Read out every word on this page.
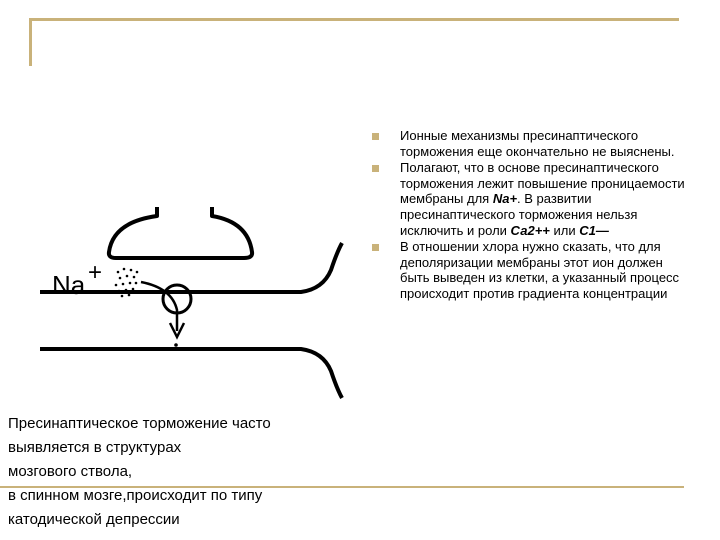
Na +
Ионные механизмы пресинаптического торможения еще окончательно не выяснены.
Полагают, что в основе пресинаптического торможения лежит повышение проницаемости мембраны для Na+. В развитии пресинаптического торможения нельзя исключить и роли Са2++ или С1—
В отношении хлора нужно сказать, что для деполяризации мембраны этот ион должен быть выведен из клетки, а указанный процесс происходит против градиента концентрации
Пресинаптическое торможение часто
выявляется в структурах
мозгового ствола,
в спинном мозге,происходит по типу
катодической депрессии
